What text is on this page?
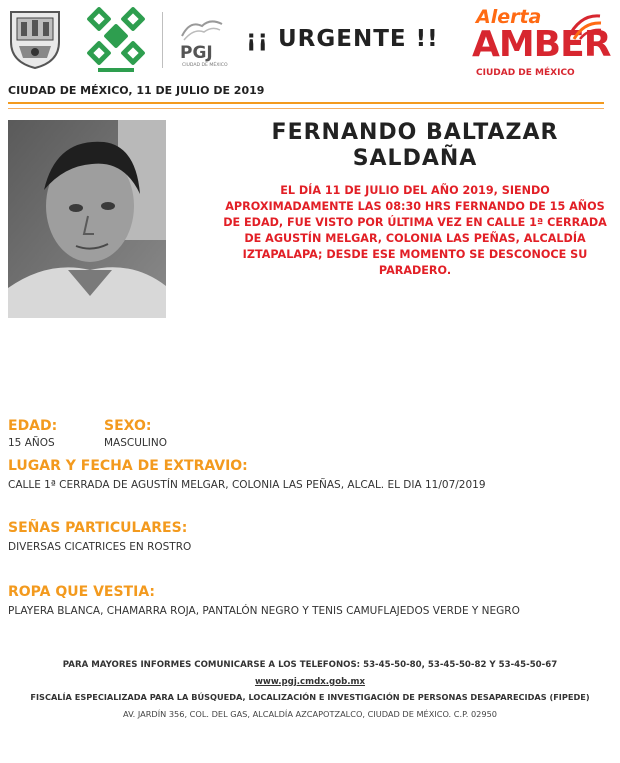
PGJ
CIUDAD DE MÉXICO
¡¡ URGENTE !!
Alerta
AMBER
CIUDAD DE MÉXICO
CIUDAD DE MÉXICO, 11 DE JULIO DE 2019
FERNANDO BALTAZAR
SALDAÑA
EL DÍA 11 DE JULIO DEL AÑO 2019, SIENDO APROXIMADAMENTE LAS 08:30 HRS FERNANDO DE 15 AÑOS DE EDAD, FUE VISTO POR ÚLTIMA VEZ EN CALLE 1ª CERRADA DE AGUSTÍN MELGAR, COLONIA LAS PEÑAS, ALCALDÍA IZTAPALAPA; DESDE ESE MOMENTO SE DESCONOCE SU PARADERO.
EDAD:
15 AÑOS
SEXO:
MASCULINO
LUGAR Y FECHA DE EXTRAVIO:
CALLE 1ª CERRADA DE AGUSTÍN MELGAR, COLONIA LAS PEÑAS, ALCAL. EL DIA 11/07/2019
SEÑAS PARTICULARES:
DIVERSAS CICATRICES EN ROSTRO
ROPA QUE VESTIA:
PLAYERA BLANCA, CHAMARRA ROJA, PANTALÓN NEGRO Y TENIS CAMUFLAJEDOS VERDE Y NEGRO
PARA MAYORES INFORMES COMUNICARSE A LOS TELEFONOS: 53-45-50-80, 53-45-50-82 Y 53-45-50-67
www.pgj.cmdx.gob.mx
FISCALÍA ESPECIALIZADA PARA LA BÚSQUEDA, LOCALIZACIÓN E INVESTIGACIÓN DE PERSONAS DESAPARECIDAS (FIPEDE)
AV. JARDÍN 356, COL. DEL GAS, ALCALDÍA AZCAPOTZALCO, CIUDAD DE MÉXICO. C.P. 02950
